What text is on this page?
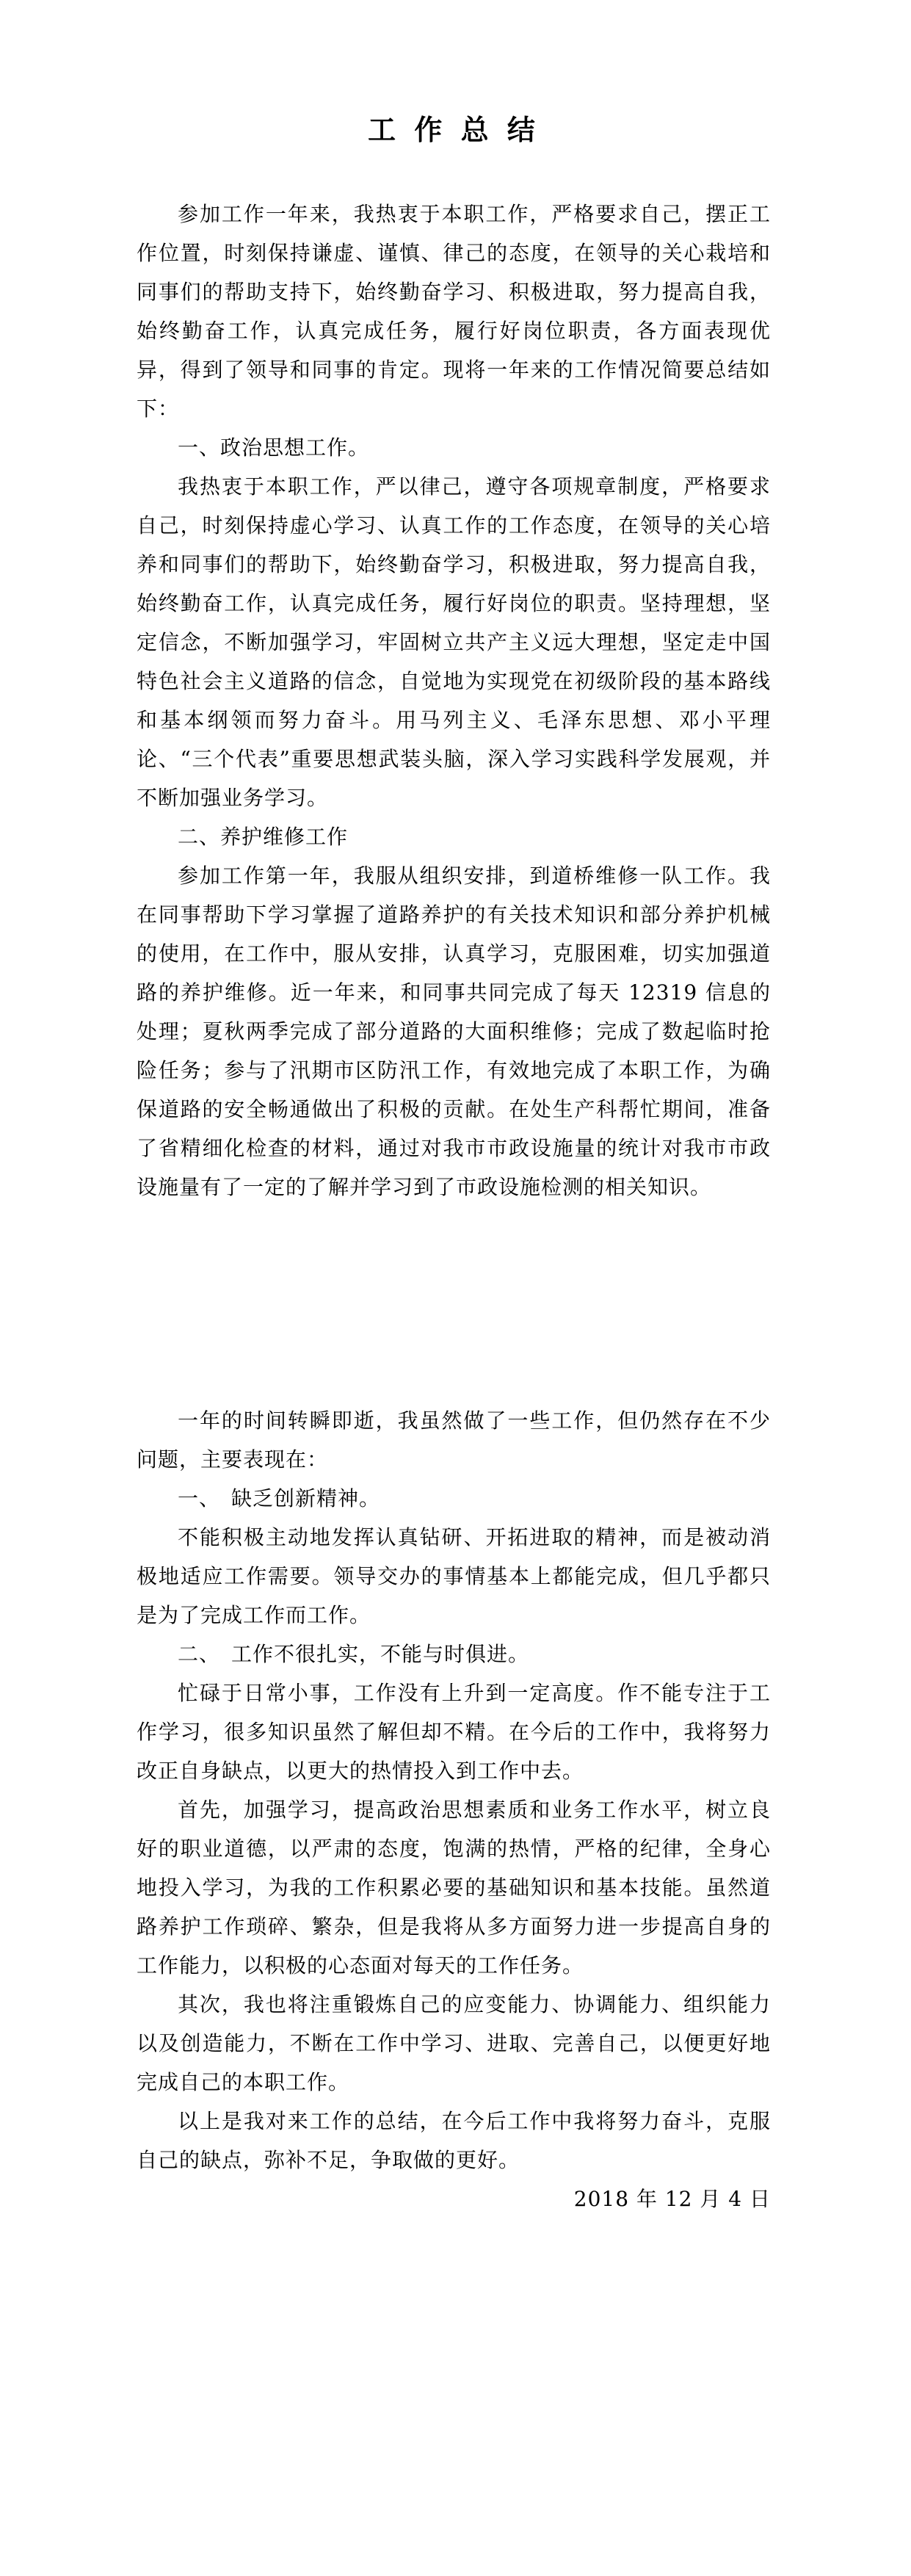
工 作 总 结

参加工作一年来，我热衷于本职工作，严格要求自己，摆正工作位置，时刻保持谦虚、谨慎、律己的态度，在领导的关心栽培和同事们的帮助支持下，始终勤奋学习、积极进取，努力提高自我，始终勤奋工作，认真完成任务，履行好岗位职责，各方面表现优异，得到了领导和同事的肯定。现将一年来的工作情况简要总结如下：

一、政治思想工作。

我热衷于本职工作，严以律己，遵守各项规章制度，严格要求自己，时刻保持虚心学习、认真工作的工作态度，在领导的关心培养和同事们的帮助下，始终勤奋学习，积极进取，努力提高自我，始终勤奋工作，认真完成任务，履行好岗位的职责。坚持理想，坚定信念，不断加强学习，牢固树立共产主义远大理想，坚定走中国特色社会主义道路的信念，自觉地为实现党在初级阶段的基本路线和基本纲领而努力奋斗。用马列主义、毛泽东思想、邓小平理论、“三个代表”重要思想武装头脑，深入学习实践科学发展观，并不断加强业务学习。

二、养护维修工作

参加工作第一年，我服从组织安排，到道桥维修一队工作。我在同事帮助下学习掌握了道路养护的有关技术知识和部分养护机械的使用，在工作中，服从安排，认真学习，克服困难，切实加强道路的养护维修。近一年来，和同事共同完成了每天 12319 信息的处理；夏秋两季完成了部分道路的大面积维修；完成了数起临时抢险任务；参与了汛期市区防汛工作，有效地完成了本职工作，为确保道路的安全畅通做出了积极的贡献。在处生产科帮忙期间，准备了省精细化检查的材料，通过对我市市政设施量的统计对我市市政设施量有了一定的了解并学习到了市政设施检测的相关知识。

一年的时间转瞬即逝，我虽然做了一些工作，但仍然存在不少问题，主要表现在：

一、　缺乏创新精神。

不能积极主动地发挥认真钻研、开拓进取的精神，而是被动消极地适应工作需要。领导交办的事情基本上都能完成，但几乎都只是为了完成工作而工作。

二、　工作不很扎实，不能与时俱进。

忙碌于日常小事，工作没有上升到一定高度。作不能专注于工作学习，很多知识虽然了解但却不精。在今后的工作中，我将努力改正自身缺点，以更大的热情投入到工作中去。

首先，加强学习，提高政治思想素质和业务工作水平，树立良好的职业道德，以严肃的态度，饱满的热情，严格的纪律，全身心地投入学习，为我的工作积累必要的基础知识和基本技能。虽然道路养护工作琐碎、繁杂，但是我将从多方面努力进一步提高自身的工作能力，以积极的心态面对每天的工作任务。

其次，我也将注重锻炼自己的应变能力、协调能力、组织能力以及创造能力，不断在工作中学习、进取、完善自己，以便更好地完成自己的本职工作。

以上是我对来工作的总结，在今后工作中我将努力奋斗，克服自己的缺点，弥补不足，争取做的更好。

2018 年 12 月 4 日
